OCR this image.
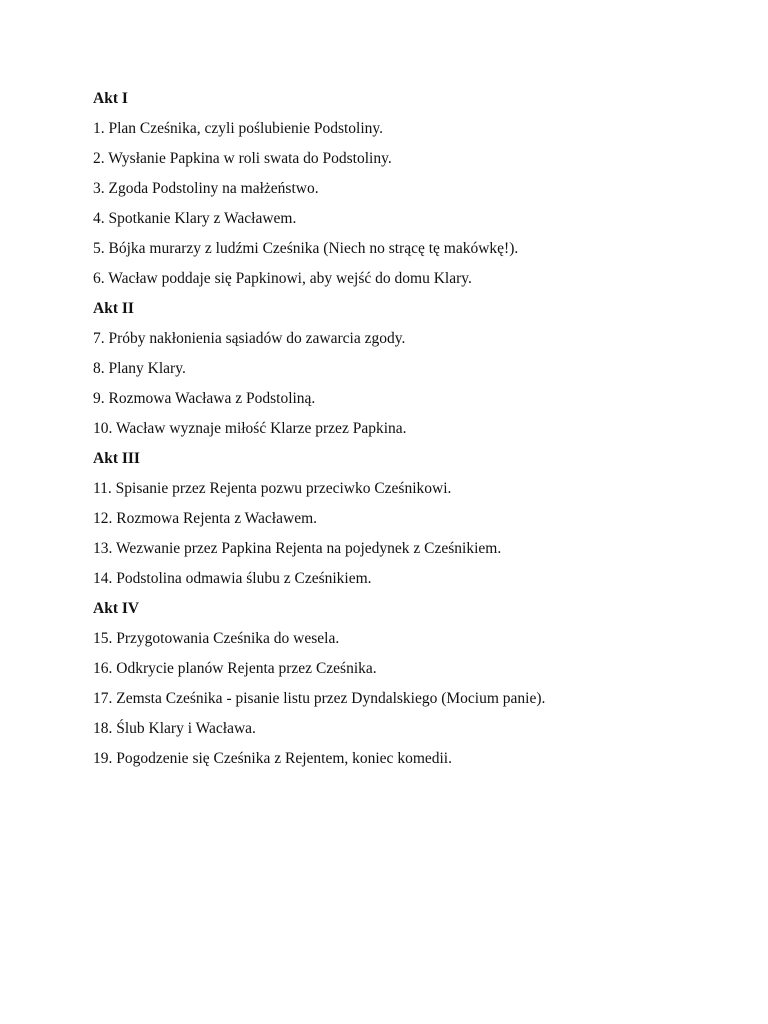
Akt I
1. Plan Cześnika, czyli poślubienie Podstoliny.
2. Wysłanie Papkina w roli swata do Podstoliny.
3. Zgoda Podstoliny na małżeństwo.
4. Spotkanie Klary z Wacławem.
5. Bójka murarzy z ludźmi Cześnika (Niech no strącę tę makówkę!).
6. Wacław poddaje się Papkinowi, aby wejść do domu Klary.
Akt II
7. Próby nakłonienia sąsiadów do zawarcia zgody.
8. Plany Klary.
9. Rozmowa Wacława z Podstoliną.
10. Wacław wyznaje miłość Klarze przez Papkina.
Akt III
11. Spisanie przez Rejenta pozwu przeciwko Cześnikowi.
12. Rozmowa Rejenta z Wacławem.
13. Wezwanie przez Papkina Rejenta na pojedynek z Cześnikiem.
14. Podstolina odmawia ślubu z Cześnikiem.
Akt IV
15. Przygotowania Cześnika do wesela.
16. Odkrycie planów Rejenta przez Cześnika.
17. Zemsta Cześnika - pisanie listu przez Dyndalskiego (Mocium panie).
18. Ślub Klary i Wacława.
19. Pogodzenie się Cześnika z Rejentem, koniec komedii.
